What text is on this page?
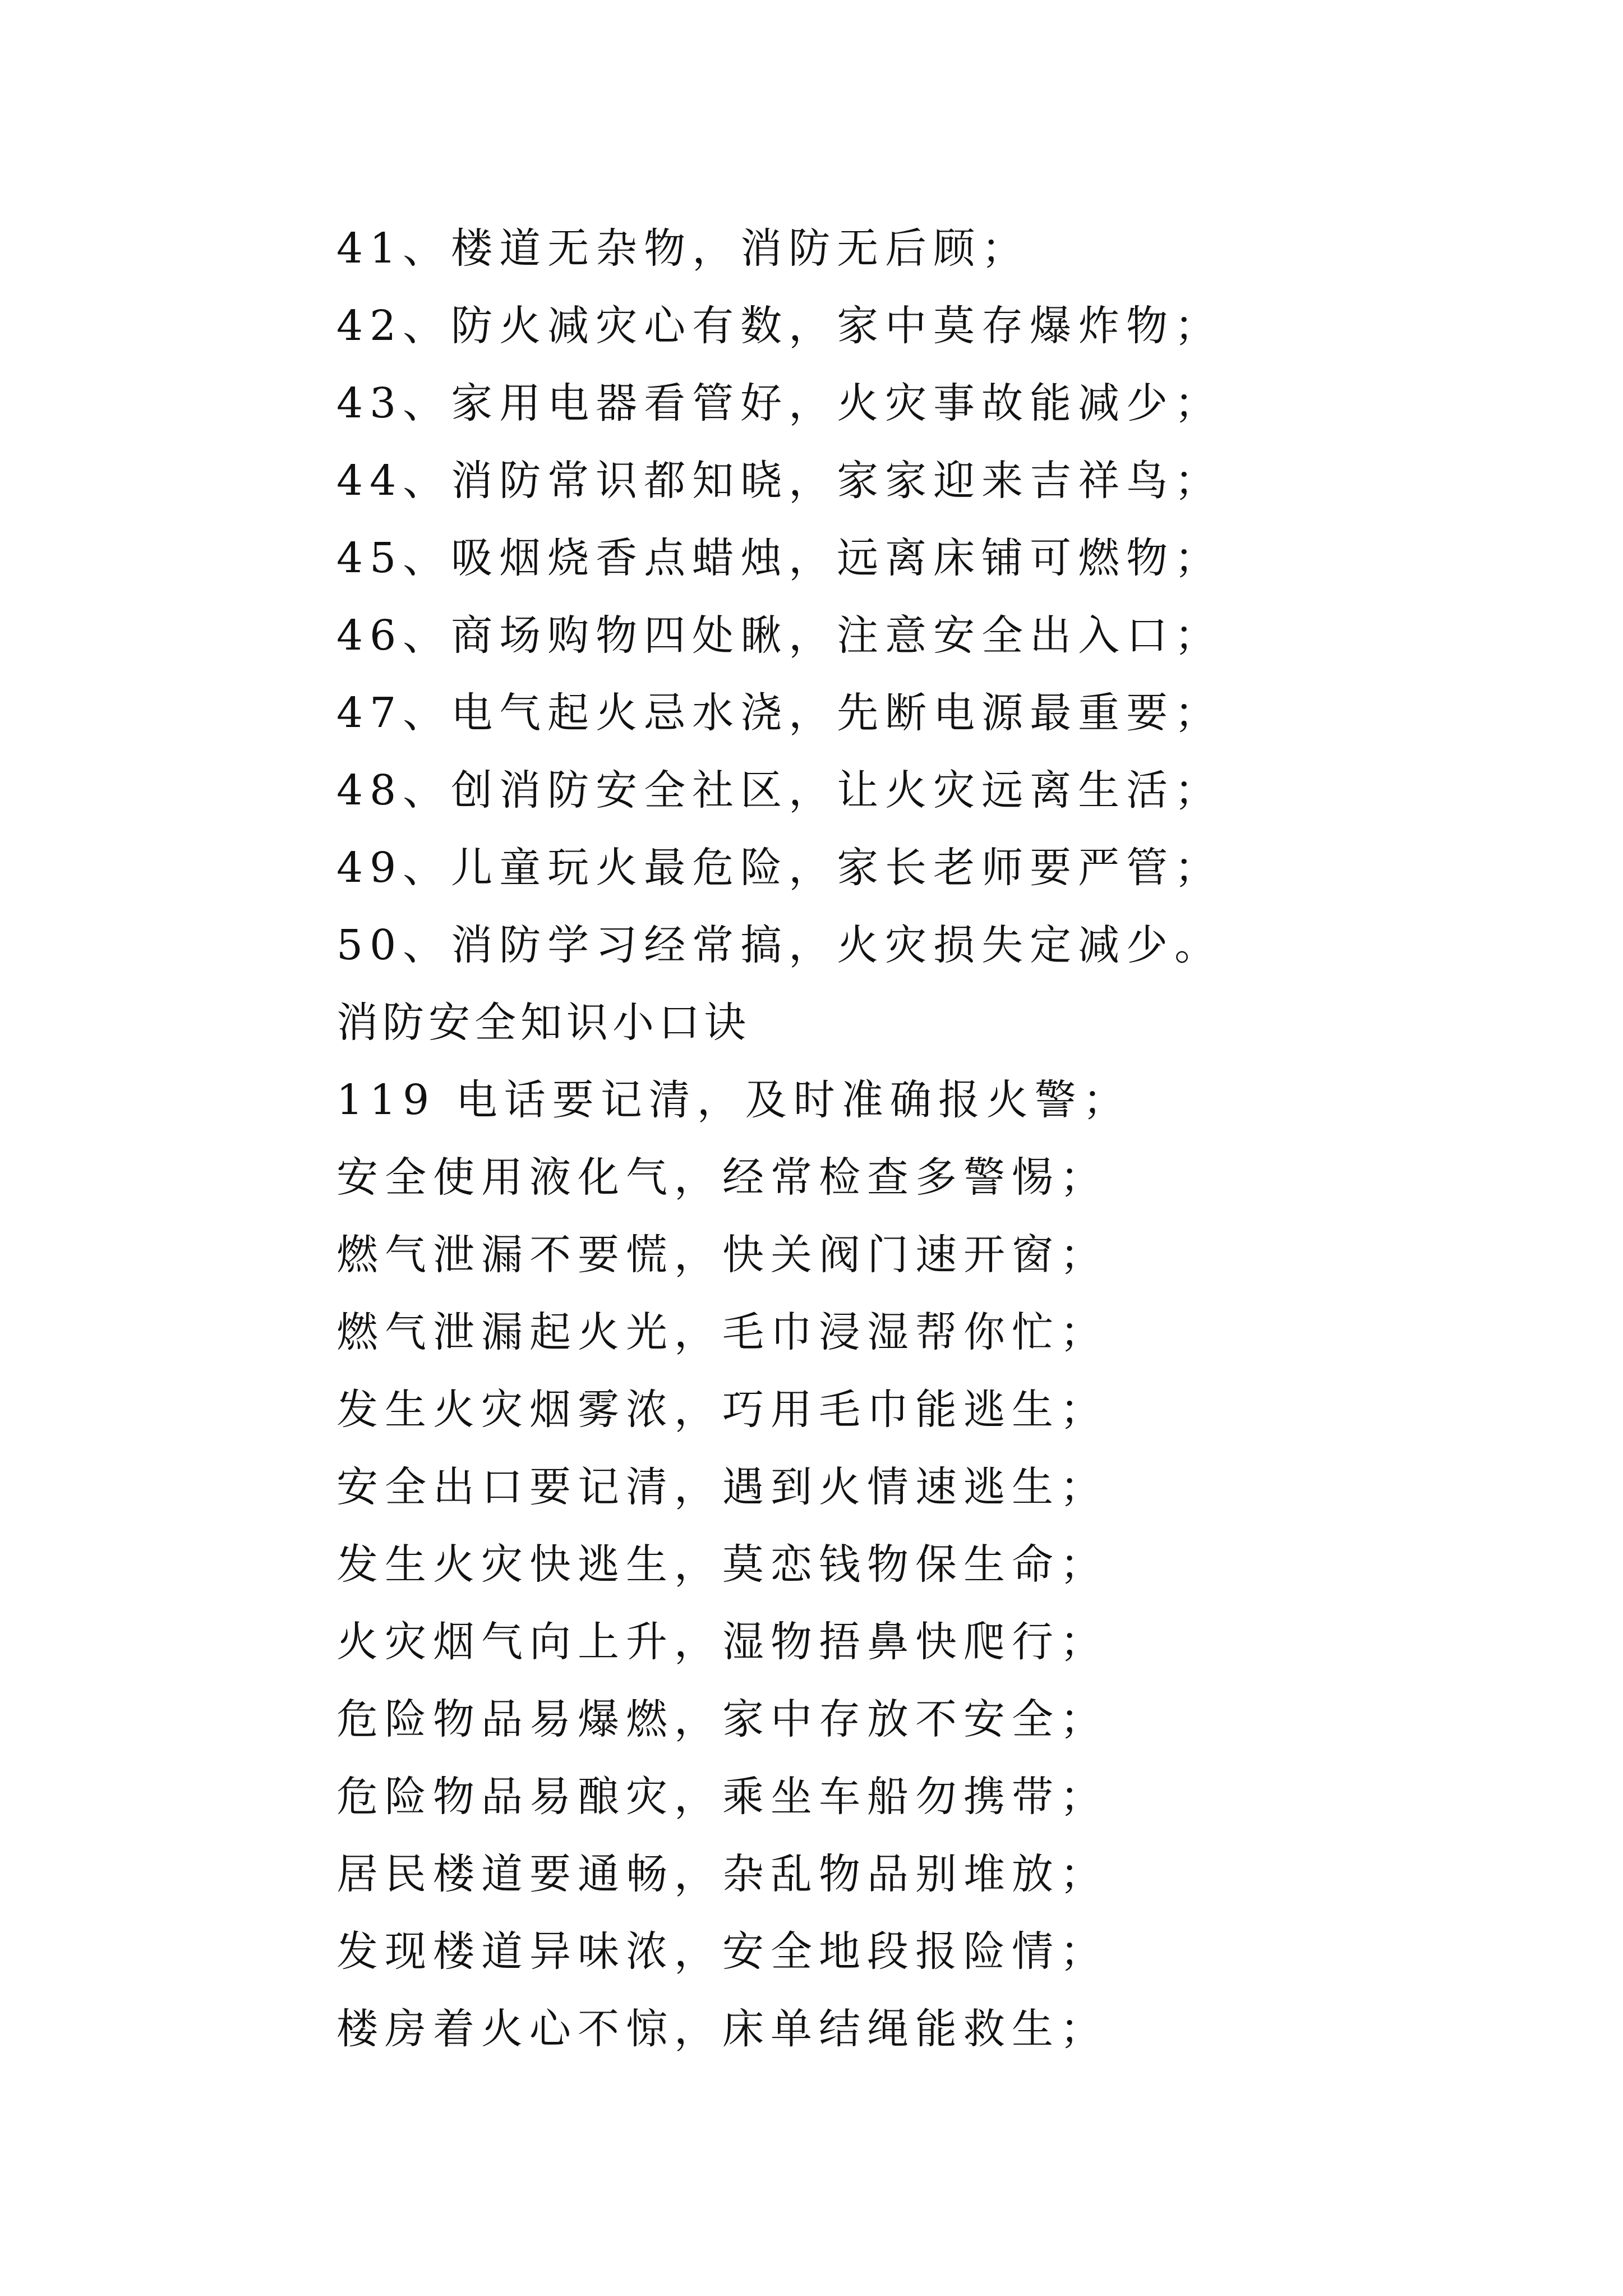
41、楼道无杂物，消防无后顾；
42、防火减灾心有数，家中莫存爆炸物；
43、家用电器看管好，火灾事故能减少；
44、消防常识都知晓，家家迎来吉祥鸟；
45、吸烟烧香点蜡烛，远离床铺可燃物；
46、商场购物四处瞅，注意安全出入口；
47、电气起火忌水浇，先断电源最重要；
48、创消防安全社区，让火灾远离生活；
49、儿童玩火最危险，家长老师要严管；
50、消防学习经常搞，火灾损失定减少。
消防安全知识小口诀
119 电话要记清，及时准确报火警；
安全使用液化气，经常检查多警惕；
燃气泄漏不要慌，快关阀门速开窗；
燃气泄漏起火光，毛巾浸湿帮你忙；
发生火灾烟雾浓，巧用毛巾能逃生；
安全出口要记清，遇到火情速逃生；
发生火灾快逃生，莫恋钱物保生命；
火灾烟气向上升，湿物捂鼻快爬行；
危险物品易爆燃，家中存放不安全；
危险物品易酿灾，乘坐车船勿携带；
居民楼道要通畅，杂乱物品别堆放；
发现楼道异味浓，安全地段报险情；
楼房着火心不惊，床单结绳能救生；
